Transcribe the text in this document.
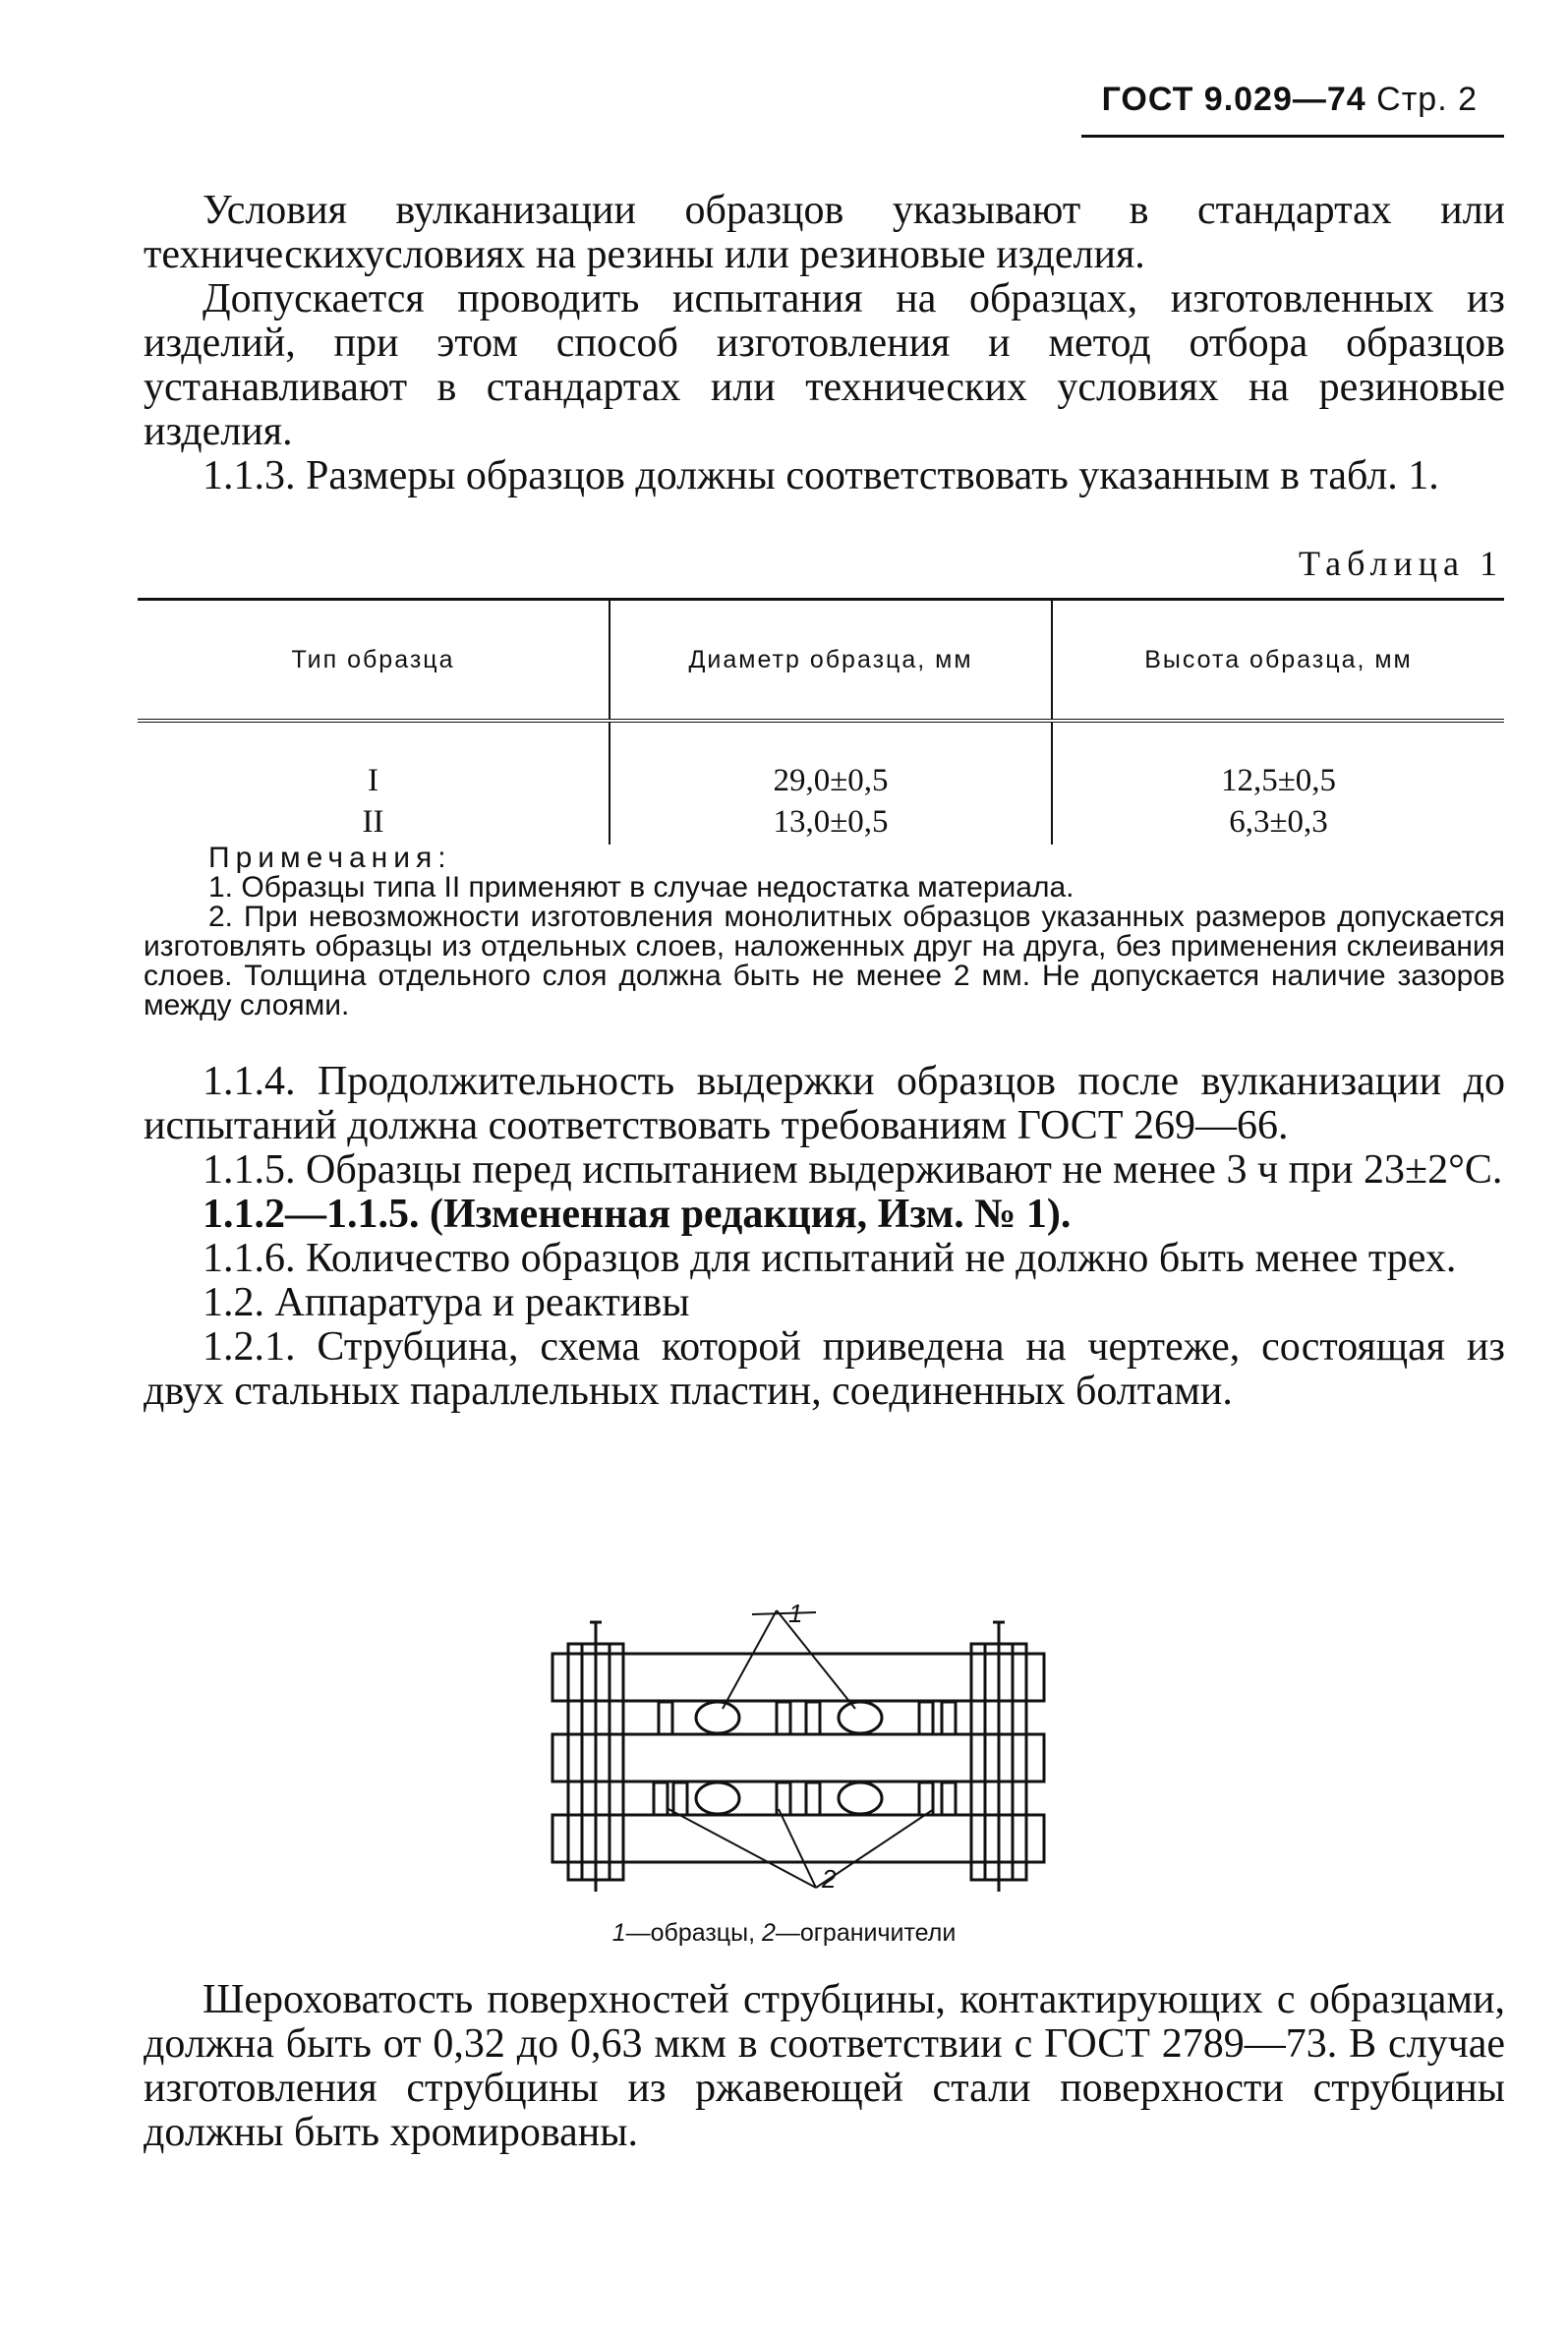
ГОСТ 9.029—74 Стр. 2

Условия вулканизации образцов указывают в стандартах или техническихусловиях на резины или резиновые изделия.

Допускается проводить испытания на образцах, изготовленных из изделий, при этом способ изготовления и метод отбора образцов устанавливают в стандартах или технических условиях на резиновые изделия.

1.1.3. Размеры образцов должны соответствовать указанным в табл. 1.

Таблица 1
Тип образца	Диаметр образца, мм	Высота образца, мм
I	29,0±0,5	12,5±0,5
II	13,0±0,5	6,3±0,3
Примечания:

1. Образцы типа II применяют в случае недостатка материала.

2. При невозможности изготовления монолитных образцов указанных размеров допускается изготовлять образцы из отдельных слоев, наложенных друг на друга, без применения склеивания слоев. Толщина отдельного слоя должна быть не менее 2 мм. Не допускается наличие зазоров между слоями.

1.1.4. Продолжительность выдержки образцов после вулканизации до испытаний должна соответствовать требованиям ГОСТ 269—66.

1.1.5. Образцы перед испытанием выдерживают не менее 3 ч при 23±2°С.

1.1.2—1.1.5. (Измененная редакция, Изм. № 1).

1.1.6. Количество образцов для испытаний не должно быть менее трех.

1.2. Аппаратура и реактивы

1.2.1. Струбцина, схема которой приведена на чертеже, состоящая из двух стальных параллельных пластин, соединенных болтами.

1
2
1—образцы, 2—ограничители

Шероховатость поверхностей струбцины, контактирующих с образцами, должна быть от 0,32 до 0,63 мкм в соответствии с ГОСТ 2789—73. В случае изготовления струбцины из ржавеющей стали поверхности струбцины должны быть хромированы.
